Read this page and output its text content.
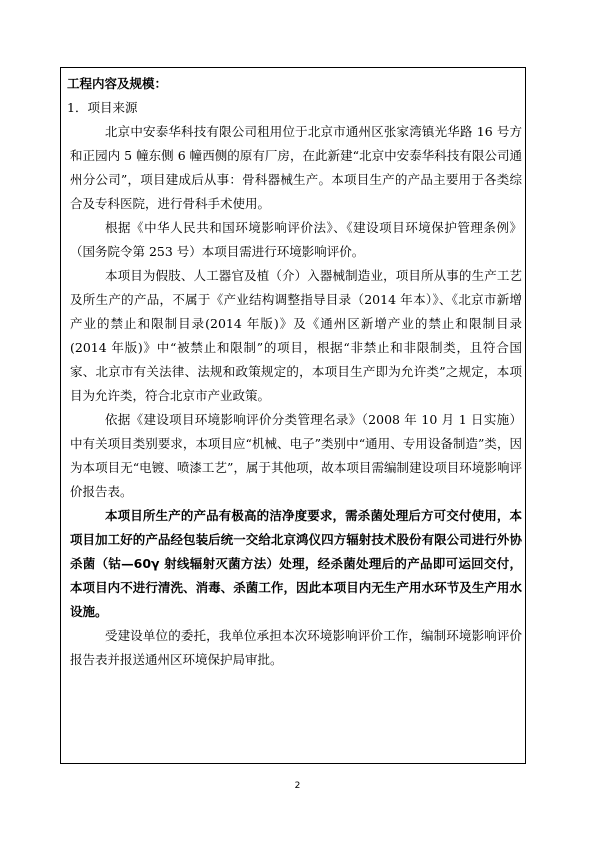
工程内容及规模：
1．项目来源

北京中安泰华科技有限公司租用位于北京市通州区张家湾镇光华路 16 号方和正园内 5 幢东侧 6 幢西侧的原有厂房，在此新建“北京中安泰华科技有限公司通州分公司”，项目建成后从事：骨科器械生产。本项目生产的产品主要用于各类综合及专科医院，进行骨科手术使用。

根据《中华人民共和国环境影响评价法》、《建设项目环境保护管理条例》（国务院令第 253 号）本项目需进行环境影响评价。

本项目为假肢、人工器官及植（介）入器械制造业，项目所从事的生产工艺及所生产的产品，不属于《产业结构调整指导目录（2014 年本）》、《北京市新增产业的禁止和限制目录(2014 年版)》及《通州区新增产业的禁止和限制目录(2014 年版)》中“被禁止和限制”的项目，根据“非禁止和非限制类，且符合国家、北京市有关法律、法规和政策规定的，本项目生产即为允许类”之规定，本项目为允许类，符合北京市产业政策。

依据《建设项目环境影响评价分类管理名录》（2008 年 10 月 1 日实施）中有关项目类别要求，本项目应“机械、电子”类别中“通用、专用设备制造”类，因为本项目无“电镀、喷漆工艺”，属于其他项，故本项目需编制建设项目环境影响评价报告表。

本项目所生产的产品有极高的洁净度要求，需杀菌处理后方可交付使用，本项目加工好的产品经包装后统一交给北京鸿仪四方辐射技术股份有限公司进行外协杀菌（钴—60γ 射线辐射灭菌方法）处理，经杀菌处理后的产品即可运回交付，本项目内不进行清洗、消毒、杀菌工作，因此本项目内无生产用水环节及生产用水设施。

受建设单位的委托，我单位承担本次环境影响评价工作，编制环境影响评价报告表并报送通州区环境保护局审批。

2
